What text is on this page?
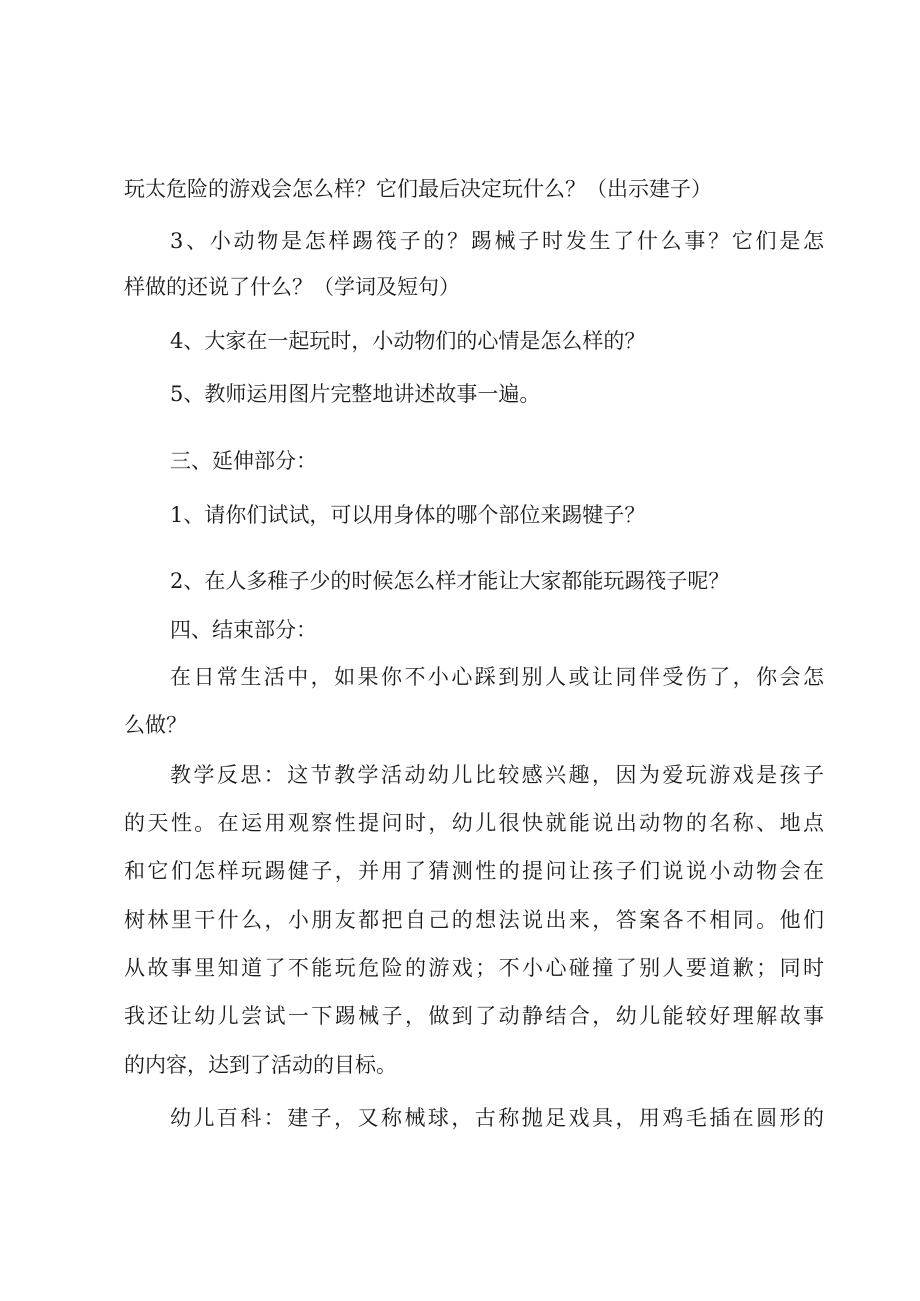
玩太危险的游戏会怎么样？它们最后决定玩什么？（出示建子）
3、小动物是怎样踢筏子的？踢械子时发生了什么事？它们是怎
样做的还说了什么？（学词及短句）
4、大家在一起玩时，小动物们的心情是怎么样的？
5、教师运用图片完整地讲述故事一遍。
三、延伸部分：
1、请你们试试，可以用身体的哪个部位来踢犍子？
2、在人多稚子少的时候怎么样才能让大家都能玩踢筏子呢？
四、结束部分：
在日常生活中，如果你不小心踩到别人或让同伴受伤了，你会怎
么做？
教学反思：这节教学活动幼儿比较感兴趣，因为爱玩游戏是孩子
的天性。在运用观察性提问时，幼儿很快就能说出动物的名称、地点
和它们怎样玩踢健子，并用了猜测性的提问让孩子们说说小动物会在
树林里干什么，小朋友都把自己的想法说出来，答案各不相同。他们
从故事里知道了不能玩危险的游戏；不小心碰撞了别人要道歉；同时
我还让幼儿尝试一下踢械子，做到了动静结合，幼儿能较好理解故事
的内容，达到了活动的目标。
幼儿百科：建子，又称械球，古称抛足戏具，用鸡毛插在圆形的
